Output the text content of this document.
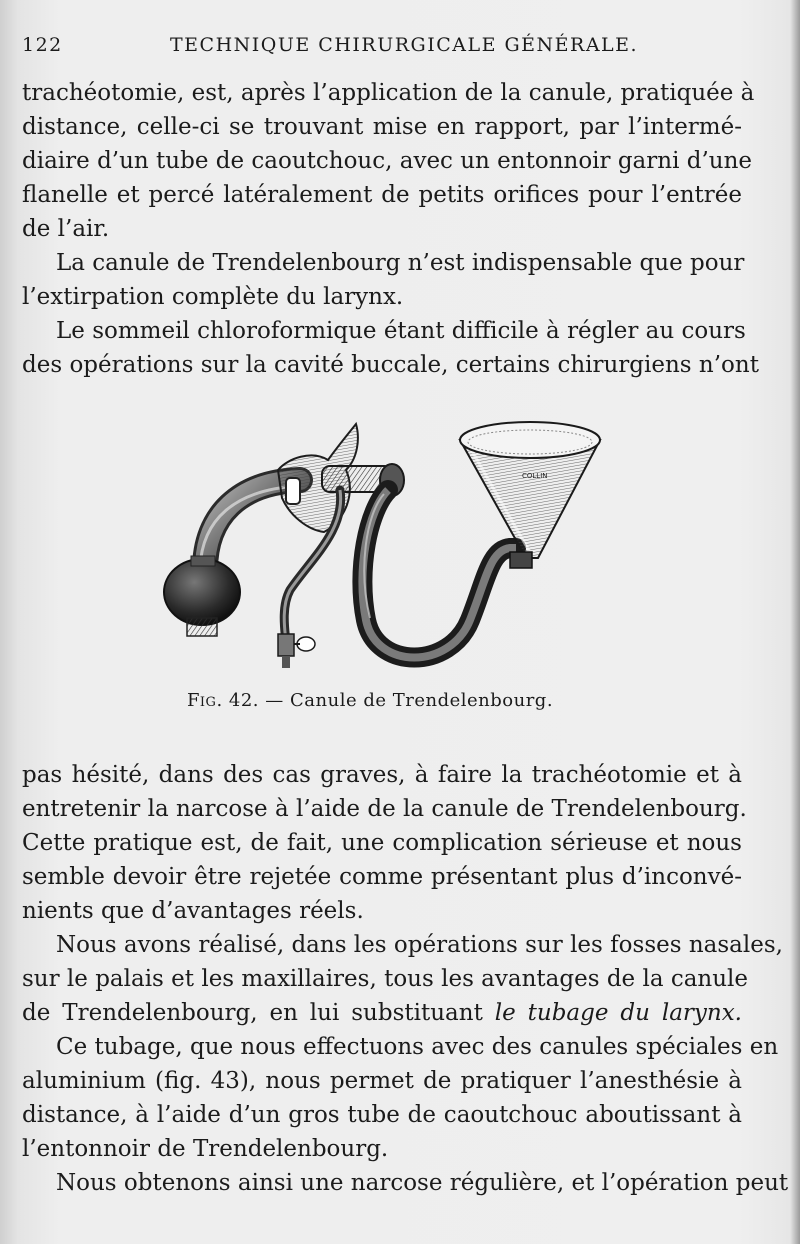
122	TECHNIQUE CHIRURGICALE GÉNÉRALE.
trachéotomie, est, après l’application de la canule, pratiquée à
distance, celle-ci se trouvant mise en rapport, par l’intermé-
diaire d’un tube de caoutchouc, avec un entonnoir garni d’une
flanelle et percé latéralement de petits orifices pour l’entrée
de l’air.
La canule de Trendelenbourg n’est indispensable que pour
l’extirpation complète du larynx.
Le sommeil chloroformique étant difficile à régler au cours
des opérations sur la cavité buccale, certains chirurgiens n’ont
COLLIN
Fig. 42. — Canule de Trendelenbourg.
pas hésité, dans des cas graves, à faire la trachéotomie et à
entretenir la narcose à l’aide de la canule de Trendelenbourg.
Cette pratique est, de fait, une complication sérieuse et nous
semble devoir être rejetée comme présentant plus d’inconvé-
nients que d’avantages réels.
Nous avons réalisé, dans les opérations sur les fosses nasales,
sur le palais et les maxillaires, tous les avantages de la canule
de Trendelenbourg, en lui substituant le tubage du larynx.
Ce tubage, que nous effectuons avec des canules spéciales en
aluminium (fig. 43), nous permet de pratiquer l’anesthésie à
distance, à l’aide d’un gros tube de caoutchouc aboutissant à
l’entonnoir de Trendelenbourg.
Nous obtenons ainsi une narcose régulière, et l’opération peut
